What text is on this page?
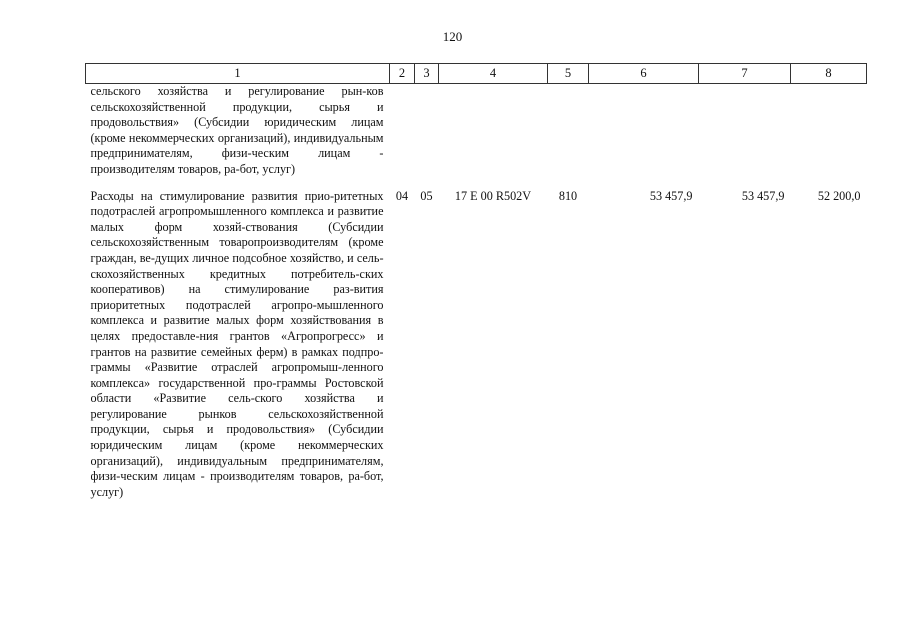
120
1	2	3	4	5	6	7	8
сельского хозяйства и регулирование рын-ков сельскохозяйственной продукции, сырья и продовольствия» (Субсидии юридическим лицам (кроме некоммерческих организаций), индивидуальным предпринимателям, физи-ческим лицам - производителям товаров, ра-бот, услуг)							
Расходы на стимулирование развития прио-ритетных подотраслей агропромышленного комплекса и развитие малых форм хозяй-ствования (Субсидии сельскохозяйственным товаропроизводителям (кроме граждан, ве-дущих личное подсобное хозяйство, и сель-скохозяйственных кредитных потребитель-ских кооперативов) на стимулирование раз-вития приоритетных подотраслей агропро-мышленного комплекса и развитие малых форм хозяйствования в целях предоставле-ния грантов «Агропрогресс» и грантов на развитие семейных ферм) в рамках подпро-граммы «Развитие отраслей агропромыш-ленного комплекса» государственной про-граммы Ростовской области «Развитие сель-ского хозяйства и регулирование рынков сельскохозяйственной продукции, сырья и продовольствия» (Субсидии юридическим лицам (кроме некоммерческих организаций), индивидуальным предпринимателям, физи-ческим лицам - производителям товаров, ра-бот, услуг)	04	05	17 Е 00 R502V	810	53 457,9	53 457,9	52 200,0
